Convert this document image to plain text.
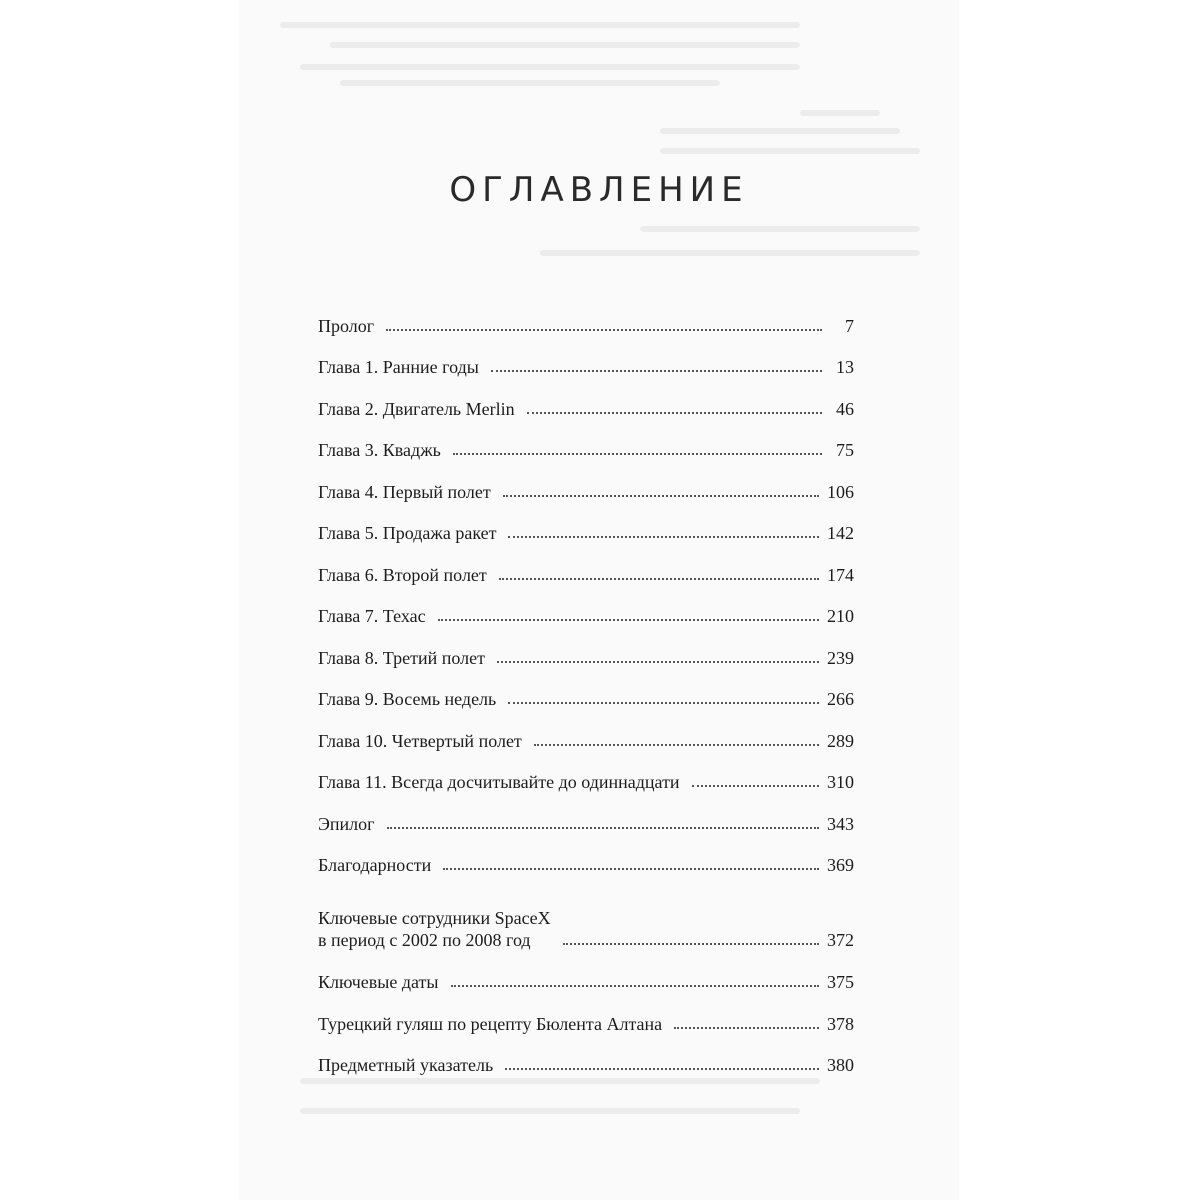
ОГЛАВЛЕНИЕ
Пролог	7
Глава 1. Ранние годы	13
Глава 2. Двигатель Merlin	46
Глава 3. Кваджь	75
Глава 4. Первый полет	106
Глава 5. Продажа ракет	142
Глава 6. Второй полет	174
Глава 7. Техас	210
Глава 8. Третий полет	239
Глава 9. Восемь недель	266
Глава 10. Четвертый полет	289
Глава 11. Всегда досчитывайте до одиннадцати	310
Эпилог	343
Благодарности	369
Ключевые сотрудники SpaceX
в период с 2002 по 2008 год	372
Ключевые даты	375
Турецкий гуляш по рецепту Бюлента Алтана	378
Предметный указатель	380
